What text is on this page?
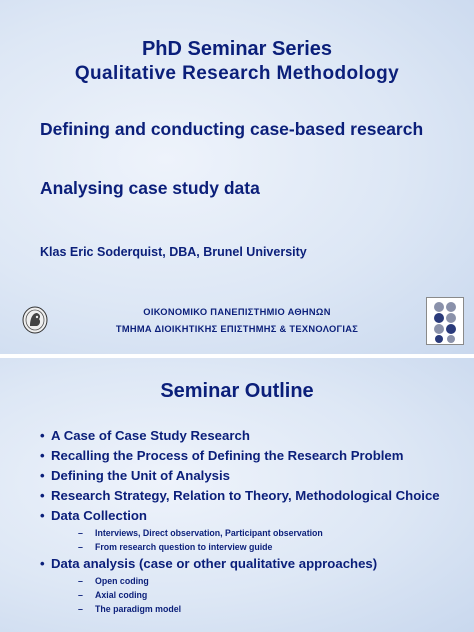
PhD Seminar Series
Qualitative Research Methodology
Defining and conducting case-based research
Analysing case study data
Klas Eric Soderquist, DBA, Brunel University
ΟΙΚΟΝΟΜΙΚΟ ΠΑΝΕΠΙΣΤΗΜΙΟ ΑΘΗΝΩΝ
ΤΜΗΜΑ ΔΙΟΙΚΗΤΙΚΗΣ ΕΠΙΣΤΗΜΗΣ & ΤΕΧΝΟΛΟΓΙΑΣ
Seminar Outline
• A Case of Case Study Research
• Recalling the Process of Defining the Research Problem
• Defining the Unit of Analysis
• Research Strategy, Relation to Theory, Methodological Choice
• Data Collection
– Interviews, Direct observation, Participant observation
– From research question to interview guide
• Data analysis (case or other qualitative approaches)
– Open coding
– Axial coding
– The paradigm model
